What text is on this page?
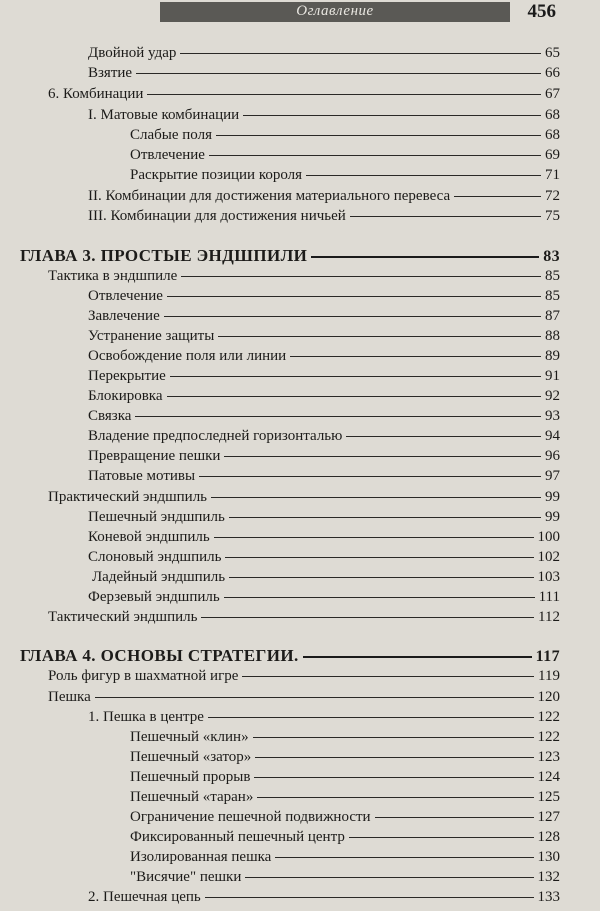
Оглавление	456
Двойной удар	65
Взятие	66
6. Комбинации	67
I. Матовые комбинации	68
Слабые поля	68
Отвлечение	69
Раскрытие позиции короля	71
II. Комбинации для достижения материального перевеса	72
III. Комбинации для достижения ничьей	75
ГЛАВА 3. ПРОСТЫЕ ЭНДШПИЛИ	83
Тактика в эндшпиле	85
Отвлечение	85
Завлечение	87
Устранение защиты	88
Освобождение поля или линии	89
Перекрытие	91
Блокировка	92
Связка	93
Владение предпоследней горизонталью	94
Превращение пешки	96
Патовые мотивы	97
Практический эндшпиль	99
Пешечный эндшпиль	99
Коневой эндшпиль	100
Слоновый эндшпиль	102
Ладейный эндшпиль	103
Ферзевый эндшпиль	111
Тактический эндшпиль	112
ГЛАВА 4. ОСНОВЫ СТРАТЕГИИ.	117
Роль фигур в шахматной игре	119
Пешка	120
1. Пешка в центре	122
Пешечный «клин»	122
Пешечный «затор»	123
Пешечный прорыв	124
Пешечный «таран»	125
Ограничение пешечной подвижности	127
Фиксированный пешечный центр	128
Изолированная пешка	130
"Висячие" пешки	132
2. Пешечная цепь	133
